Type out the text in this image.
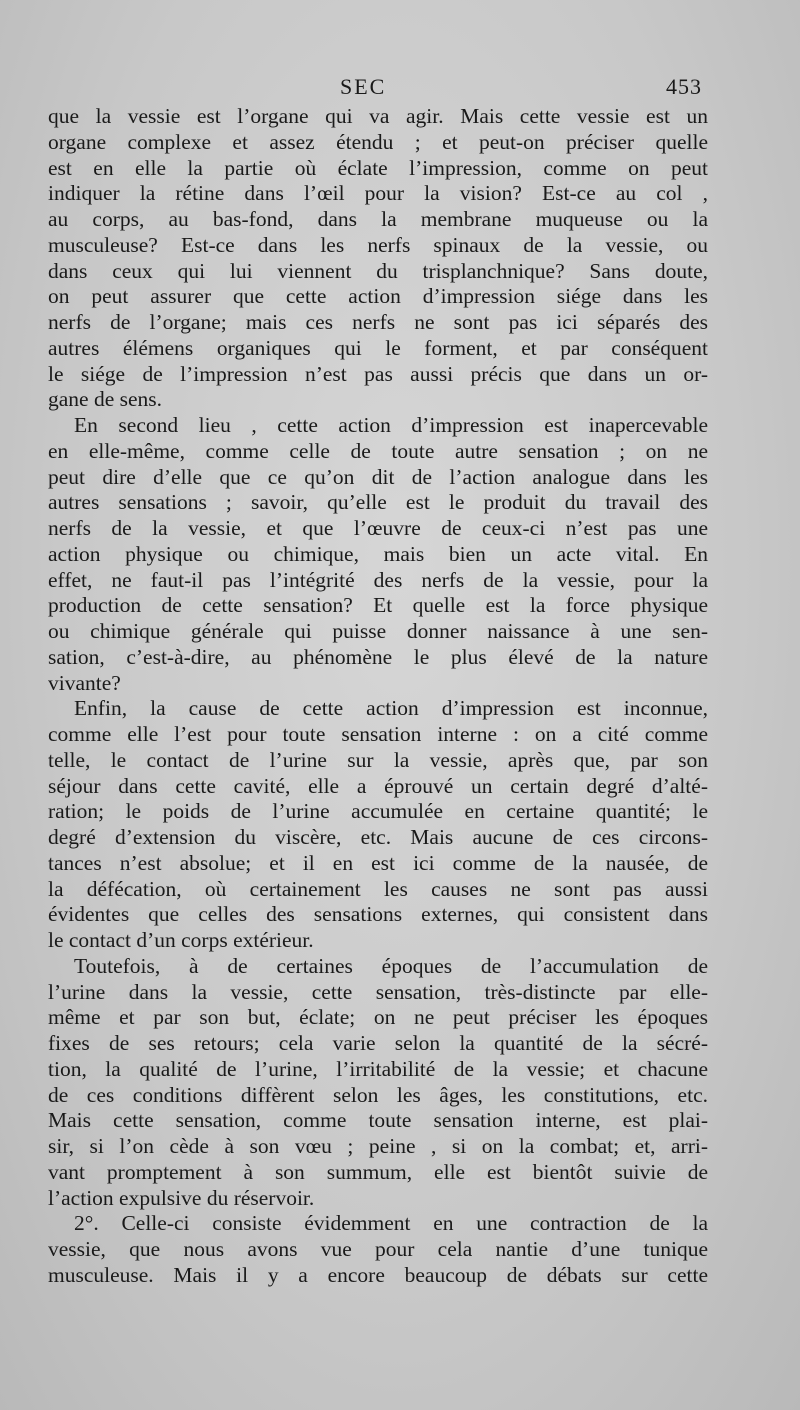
SEC	453
que la vessie est l’organe qui va agir. Mais cette vessie est un
organe complexe et assez étendu ; et peut-on préciser quelle
est en elle la partie où éclate l’impression, comme on peut
indiquer la rétine dans l’œil pour la vision? Est-ce au col ,
au corps, au bas-fond, dans la membrane muqueuse ou la
musculeuse? Est-ce dans les nerfs spinaux de la vessie, ou
dans ceux qui lui viennent du trisplanchnique? Sans doute,
on peut assurer que cette action d’impression siége dans les
nerfs de l’organe; mais ces nerfs ne sont pas ici séparés des
autres élémens organiques qui le forment, et par conséquent
le siége de l’impression n’est pas aussi précis que dans un or-
gane de sens.
En second lieu , cette action d’impression est inapercevable
en elle-même, comme celle de toute autre sensation ; on ne
peut dire d’elle que ce qu’on dit de l’action analogue dans les
autres sensations ; savoir, qu’elle est le produit du travail des
nerfs de la vessie, et que l’œuvre de ceux-ci n’est pas une
action physique ou chimique, mais bien un acte vital. En
effet, ne faut-il pas l’intégrité des nerfs de la vessie, pour la
production de cette sensation? Et quelle est la force physique
ou chimique générale qui puisse donner naissance à une sen-
sation, c’est-à-dire, au phénomène le plus élevé de la nature
vivante?
Enfin, la cause de cette action d’impression est inconnue,
comme elle l’est pour toute sensation interne : on a cité comme
telle, le contact de l’urine sur la vessie, après que, par son
séjour dans cette cavité, elle a éprouvé un certain degré d’alté-
ration; le poids de l’urine accumulée en certaine quantité; le
degré d’extension du viscère, etc. Mais aucune de ces circons-
tances n’est absolue; et il en est ici comme de la nausée, de
la défécation, où certainement les causes ne sont pas aussi
évidentes que celles des sensations externes, qui consistent dans
le contact d’un corps extérieur.
Toutefois, à de certaines époques de l’accumulation de
l’urine dans la vessie, cette sensation, très-distincte par elle-
même et par son but, éclate; on ne peut préciser les époques
fixes de ses retours; cela varie selon la quantité de la sécré-
tion, la qualité de l’urine, l’irritabilité de la vessie; et chacune
de ces conditions diffèrent selon les âges, les constitutions, etc.
Mais cette sensation, comme toute sensation interne, est plai-
sir, si l’on cède à son vœu ; peine , si on la combat; et, arri-
vant promptement à son summum, elle est bientôt suivie de
l’action expulsive du réservoir.
2°. Celle-ci consiste évidemment en une contraction de la
vessie, que nous avons vue pour cela nantie d’une tunique
musculeuse. Mais il y a encore beaucoup de débats sur cette
